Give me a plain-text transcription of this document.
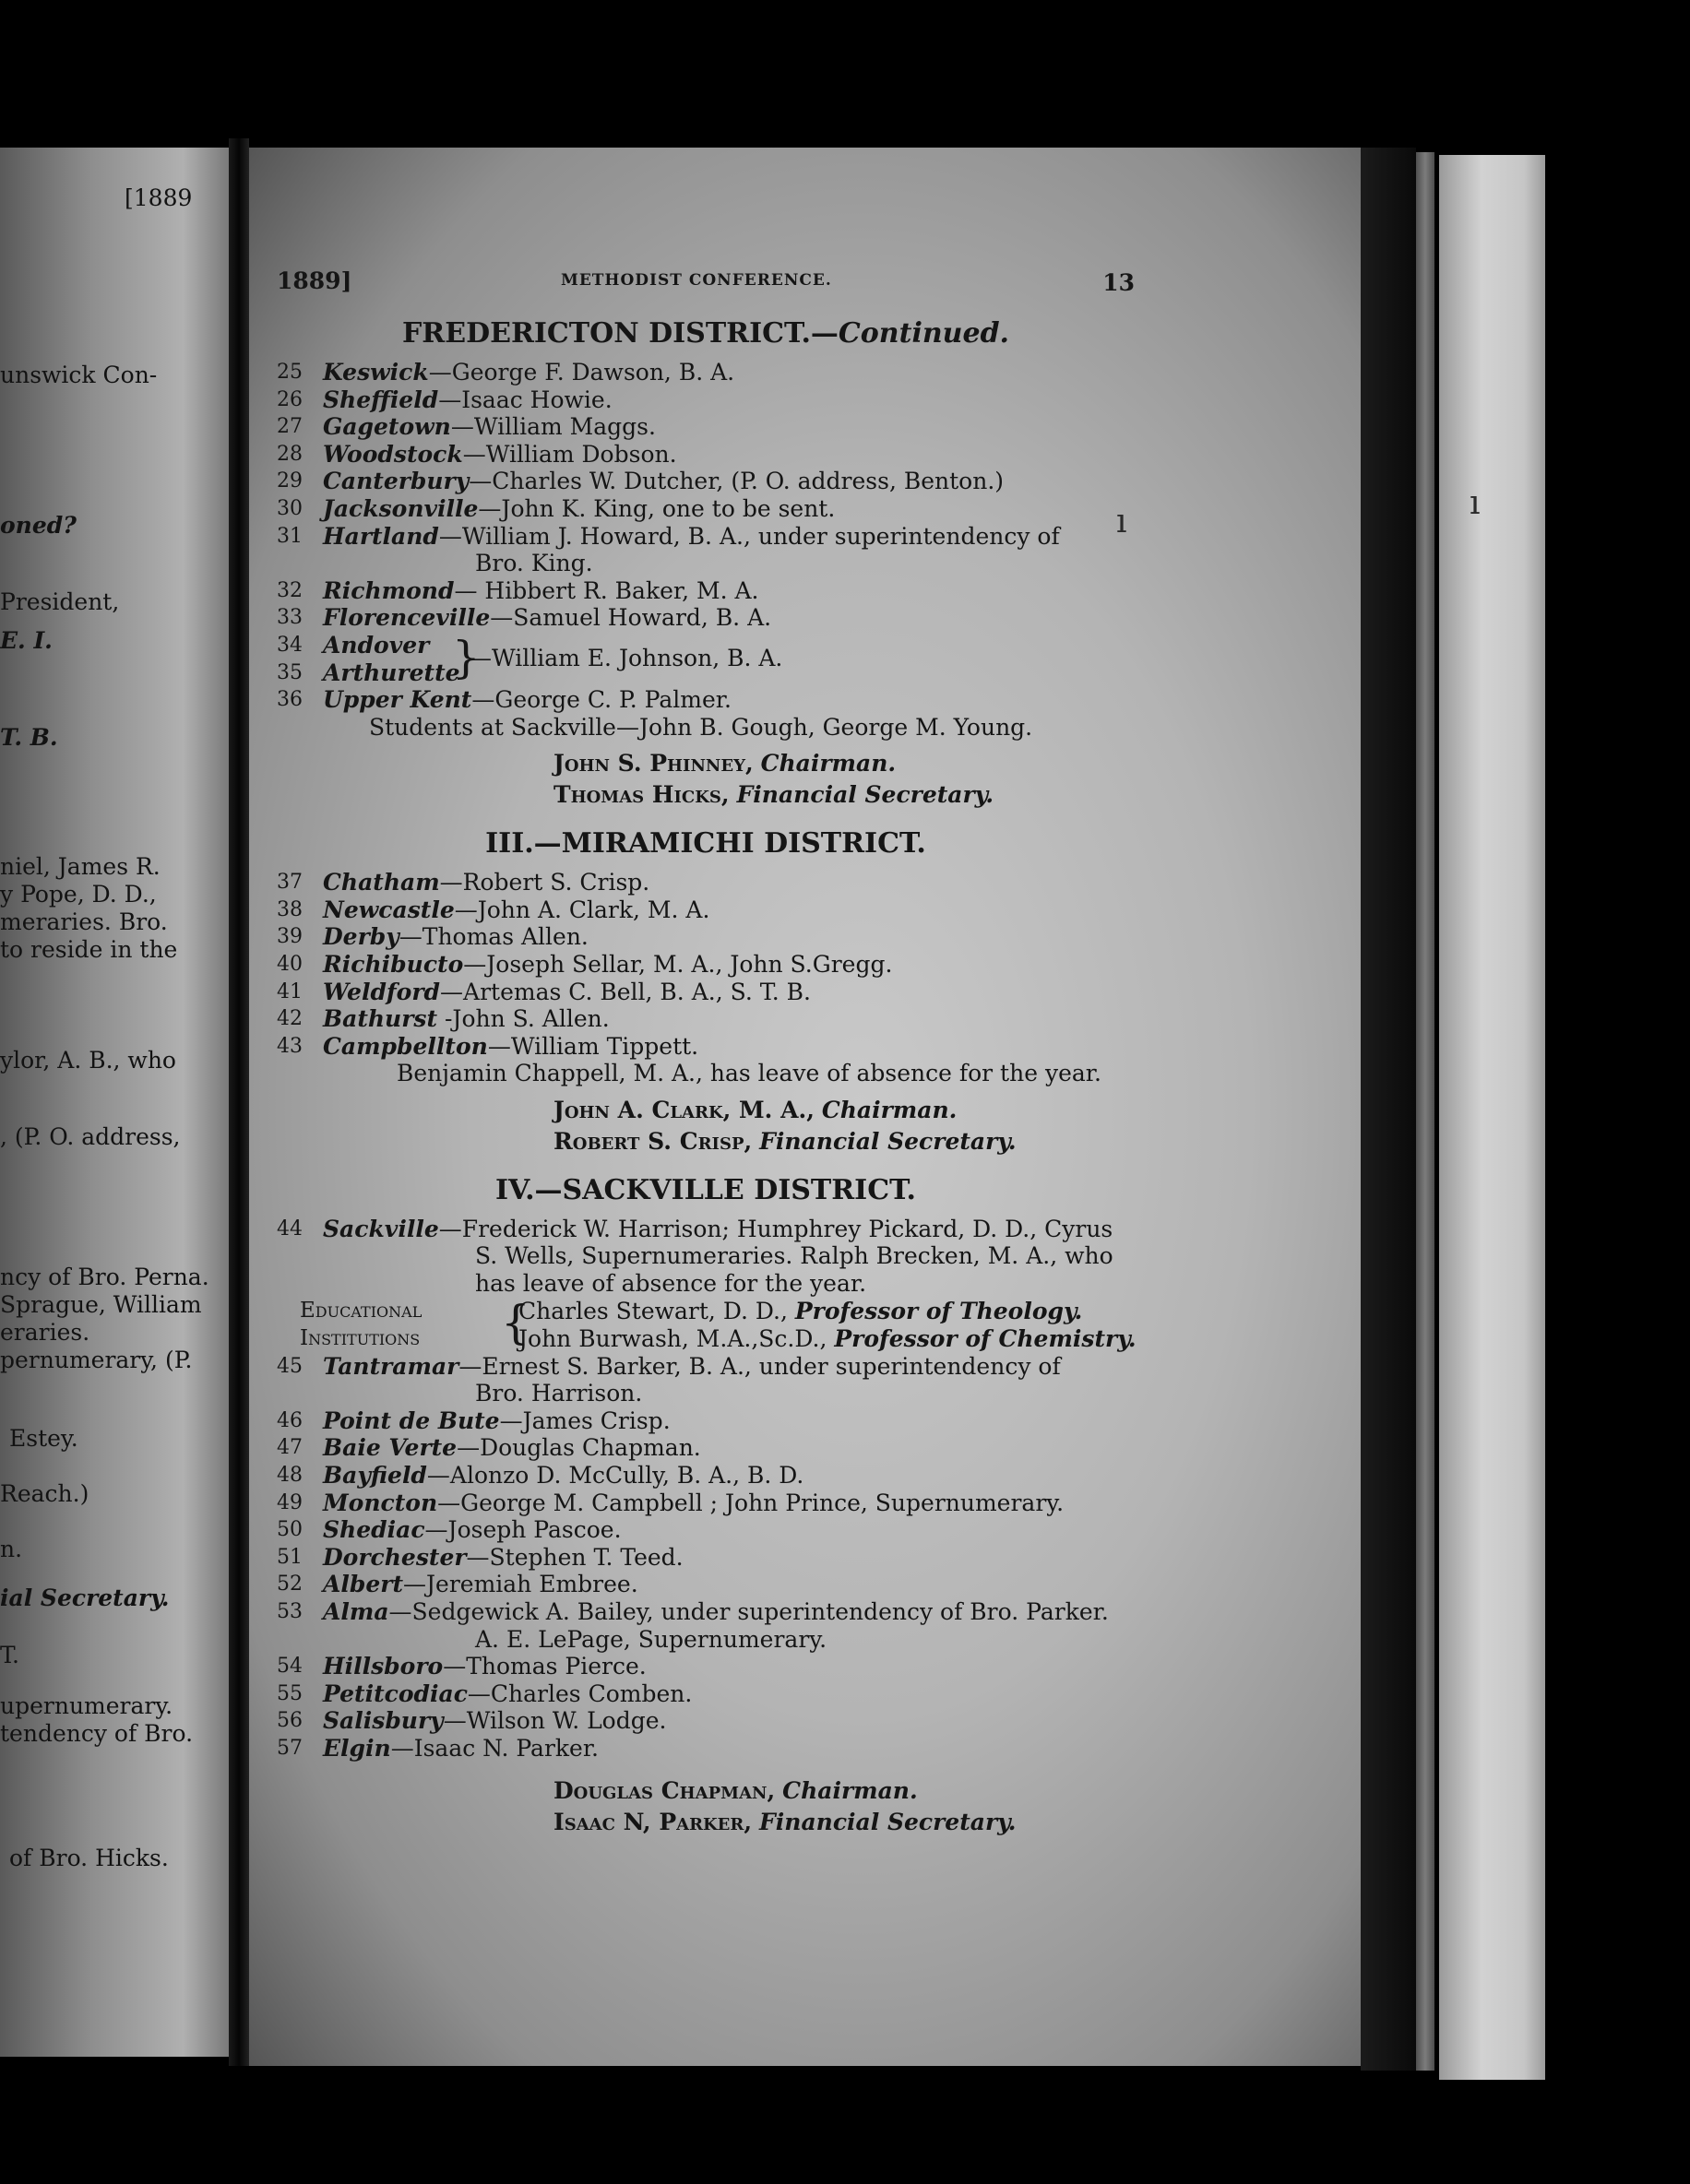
[1889
unswick Con-
oned?
President,
E. I.
T. B.
niel, James R.
y Pope, D. D.,
meraries. Bro.
to reside in the
ylor, A. B., who
, (P. O. address,
ncy of Bro. Perna.
Sprague, William
eraries.
pernumerary, (P.
Estey.
Reach.)
n.
ial Secretary.
T.
upernumerary.
tendency of Bro.
of Bro. Hicks.
ı
ı
1889]	METHODIST CONFERENCE.	13
FREDERICTON DISTRICT.—Continued.
25 Keswick—George F. Dawson, B. A.
26 Sheffield—Isaac Howie.
27 Gagetown—William Maggs.
28 Woodstock—William Dobson.
29 Canterbury—Charles W. Dutcher, (P. O. address, Benton.)
30 Jacksonville—John K. King, one to be sent.
31 Hartland—William J. Howard, B. A., under superintendency of
Bro. King.
32 Richmond— Hibbert R. Baker, M. A.
33 Florenceville—Samuel Howard, B. A.
34 Andover
35 Arthurette
}
—William E. Johnson, B. A.
36 Upper Kent—George C. P. Palmer.
Students at Sackville—John B. Gough, George M. Young.
John S. Phinney, Chairman.
Thomas Hicks, Financial Secretary.
III.—MIRAMICHI DISTRICT.
37 Chatham—Robert S. Crisp.
38 Newcastle—John A. Clark, M. A.
39 Derby—Thomas Allen.
40 Richibucto—Joseph Sellar, M. A., John S.Gregg.
41 Weldford—Artemas C. Bell, B. A., S. T. B.
42 Bathurst -John S. Allen.
43 Campbellton—William Tippett.
Benjamin Chappell, M. A., has leave of absence for the year.
John A. Clark, M. A., Chairman.
Robert S. Crisp, Financial Secretary.
IV.—SACKVILLE DISTRICT.
44 Sackville—Frederick W. Harrison; Humphrey Pickard, D. D., Cyrus
S. Wells, Supernumeraries. Ralph Brecken, M. A., who
has leave of absence for the year.
Educational
Institutions {
Charles Stewart, D. D., Professor of Theology.
John Burwash, M.A.,Sc.D., Professor of Chemistry.
45 Tantramar—Ernest S. Barker, B. A., under superintendency of
Bro. Harrison.
46 Point de Bute—James Crisp.
47 Baie Verte—Douglas Chapman.
48 Bayfield—Alonzo D. McCully, B. A., B. D.
49 Moncton—George M. Campbell ; John Prince, Supernumerary.
50 Shediac—Joseph Pascoe.
51 Dorchester—Stephen T. Teed.
52 Albert—Jeremiah Embree.
53 Alma—Sedgewick A. Bailey, under superintendency of Bro. Parker.
A. E. LePage, Supernumerary.
54 Hillsboro—Thomas Pierce.
55 Petitcodiac—Charles Comben.
56 Salisbury—Wilson W. Lodge.
57 Elgin—Isaac N. Parker.
Douglas Chapman, Chairman.
Isaac N, Parker, Financial Secretary.
